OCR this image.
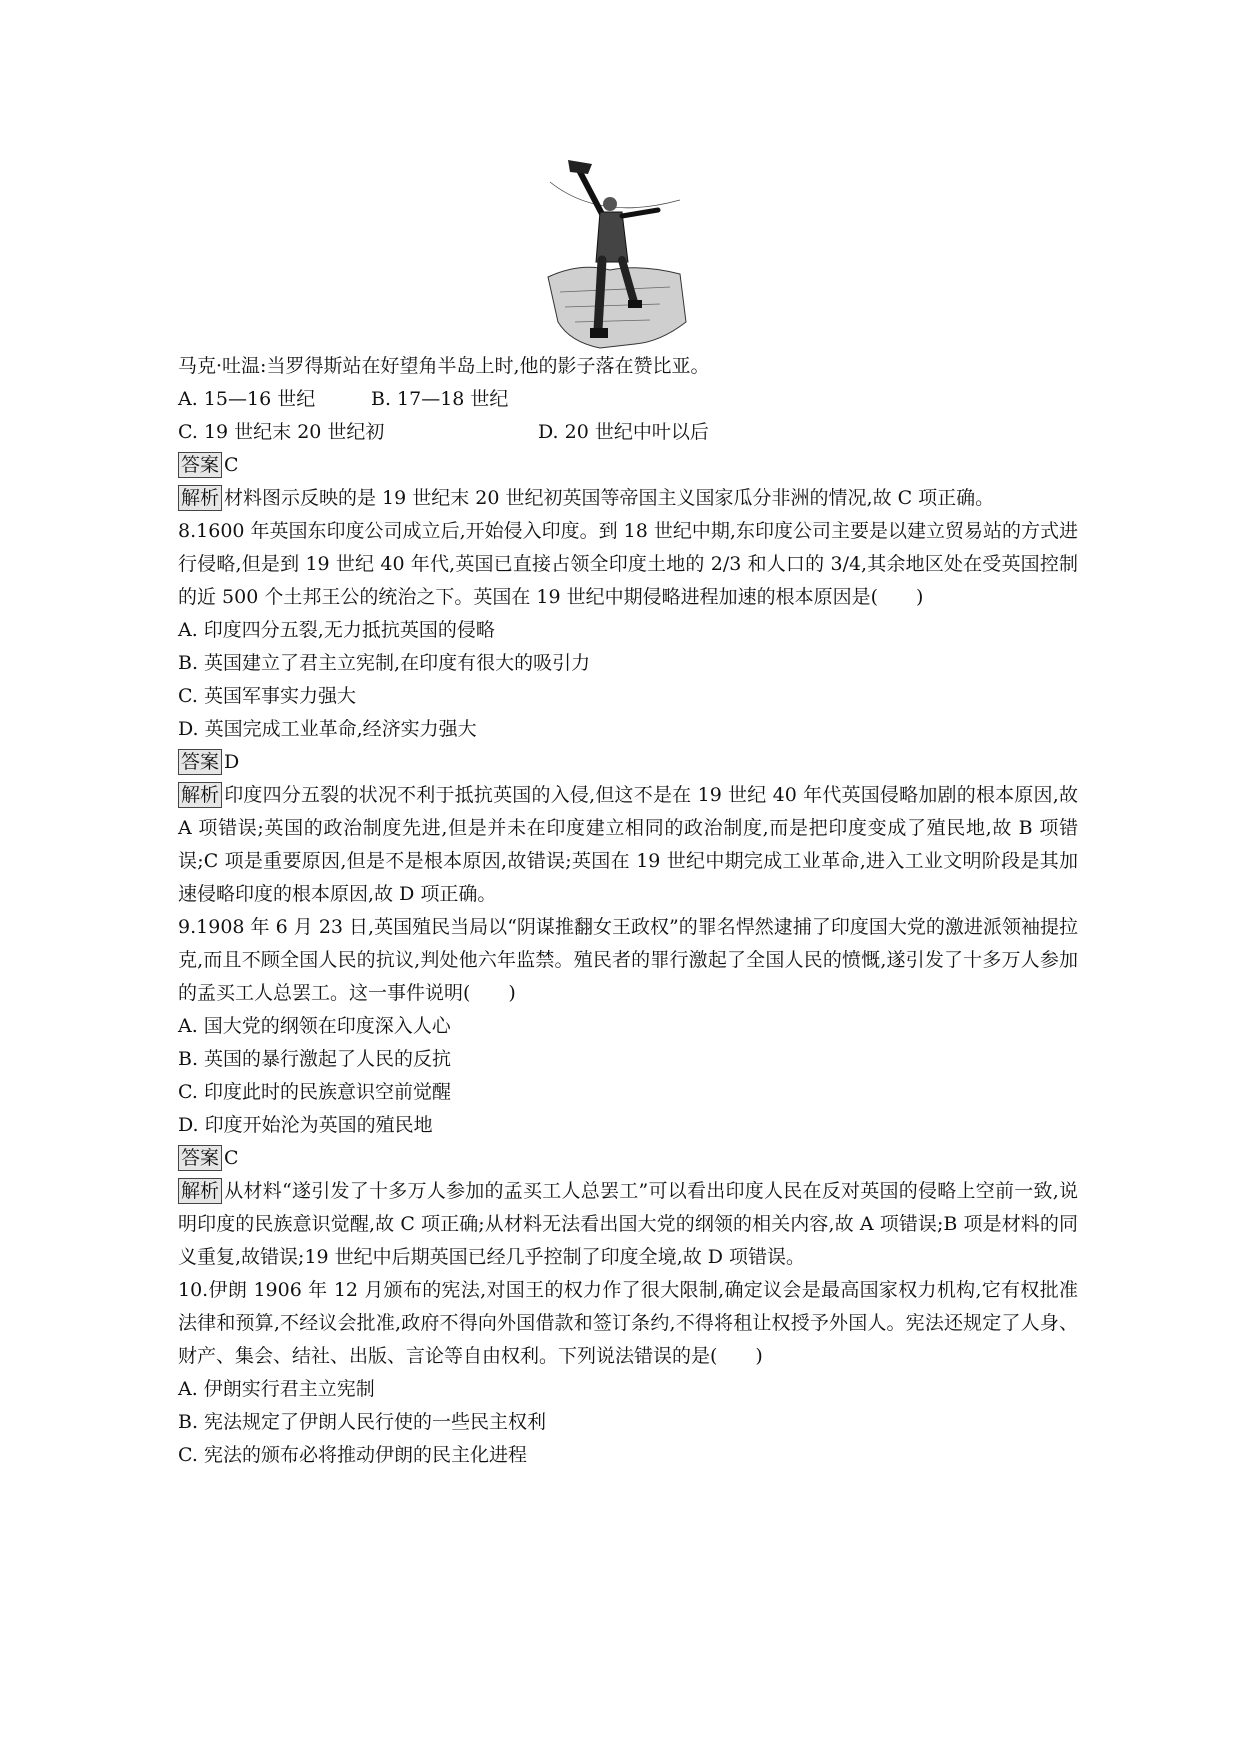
马克·吐温:当罗得斯站在好望角半岛上时,他的影子落在赞比亚。
A. 15—16 世纪	B. 17—18 世纪
C. 19 世纪末 20 世纪初	D. 20 世纪中叶以后
答案 C
解析 材料图示反映的是 19 世纪末 20 世纪初英国等帝国主义国家瓜分非洲的情况,故 C 项正确。
8.1600 年英国东印度公司成立后,开始侵入印度。到 18 世纪中期,东印度公司主要是以建立贸易站的方式进行侵略,但是到 19 世纪 40 年代,英国已直接占领全印度土地的 2/3 和人口的 3/4,其余地区处在受英国控制的近 500 个土邦王公的统治之下。英国在 19 世纪中期侵略进程加速的根本原因是(　　)
A. 印度四分五裂,无力抵抗英国的侵略
B. 英国建立了君主立宪制,在印度有很大的吸引力
C. 英国军事实力强大
D. 英国完成工业革命,经济实力强大
答案 D
解析 印度四分五裂的状况不利于抵抗英国的入侵,但这不是在 19 世纪 40 年代英国侵略加剧的根本原因,故 A 项错误;英国的政治制度先进,但是并未在印度建立相同的政治制度,而是把印度变成了殖民地,故 B 项错误;C 项是重要原因,但是不是根本原因,故错误;英国在 19 世纪中期完成工业革命,进入工业文明阶段是其加速侵略印度的根本原因,故 D 项正确。
9.1908 年 6 月 23 日,英国殖民当局以“阴谋推翻女王政权”的罪名悍然逮捕了印度国大党的激进派领袖提拉克,而且不顾全国人民的抗议,判处他六年监禁。殖民者的罪行激起了全国人民的愤慨,遂引发了十多万人参加的孟买工人总罢工。这一事件说明(　　)
A. 国大党的纲领在印度深入人心
B. 英国的暴行激起了人民的反抗
C. 印度此时的民族意识空前觉醒
D. 印度开始沦为英国的殖民地
答案 C
解析 从材料“遂引发了十多万人参加的孟买工人总罢工”可以看出印度人民在反对英国的侵略上空前一致,说明印度的民族意识觉醒,故 C 项正确;从材料无法看出国大党的纲领的相关内容,故 A 项错误;B 项是材料的同义重复,故错误;19 世纪中后期英国已经几乎控制了印度全境,故 D 项错误。
10.伊朗 1906 年 12 月颁布的宪法,对国王的权力作了很大限制,确定议会是最高国家权力机构,它有权批准法律和预算,不经议会批准,政府不得向外国借款和签订条约,不得将租让权授予外国人。宪法还规定了人身、财产、集会、结社、出版、言论等自由权利。下列说法错误的是(　　)
A. 伊朗实行君主立宪制
B. 宪法规定了伊朗人民行使的一些民主权利
C. 宪法的颁布必将推动伊朗的民主化进程
